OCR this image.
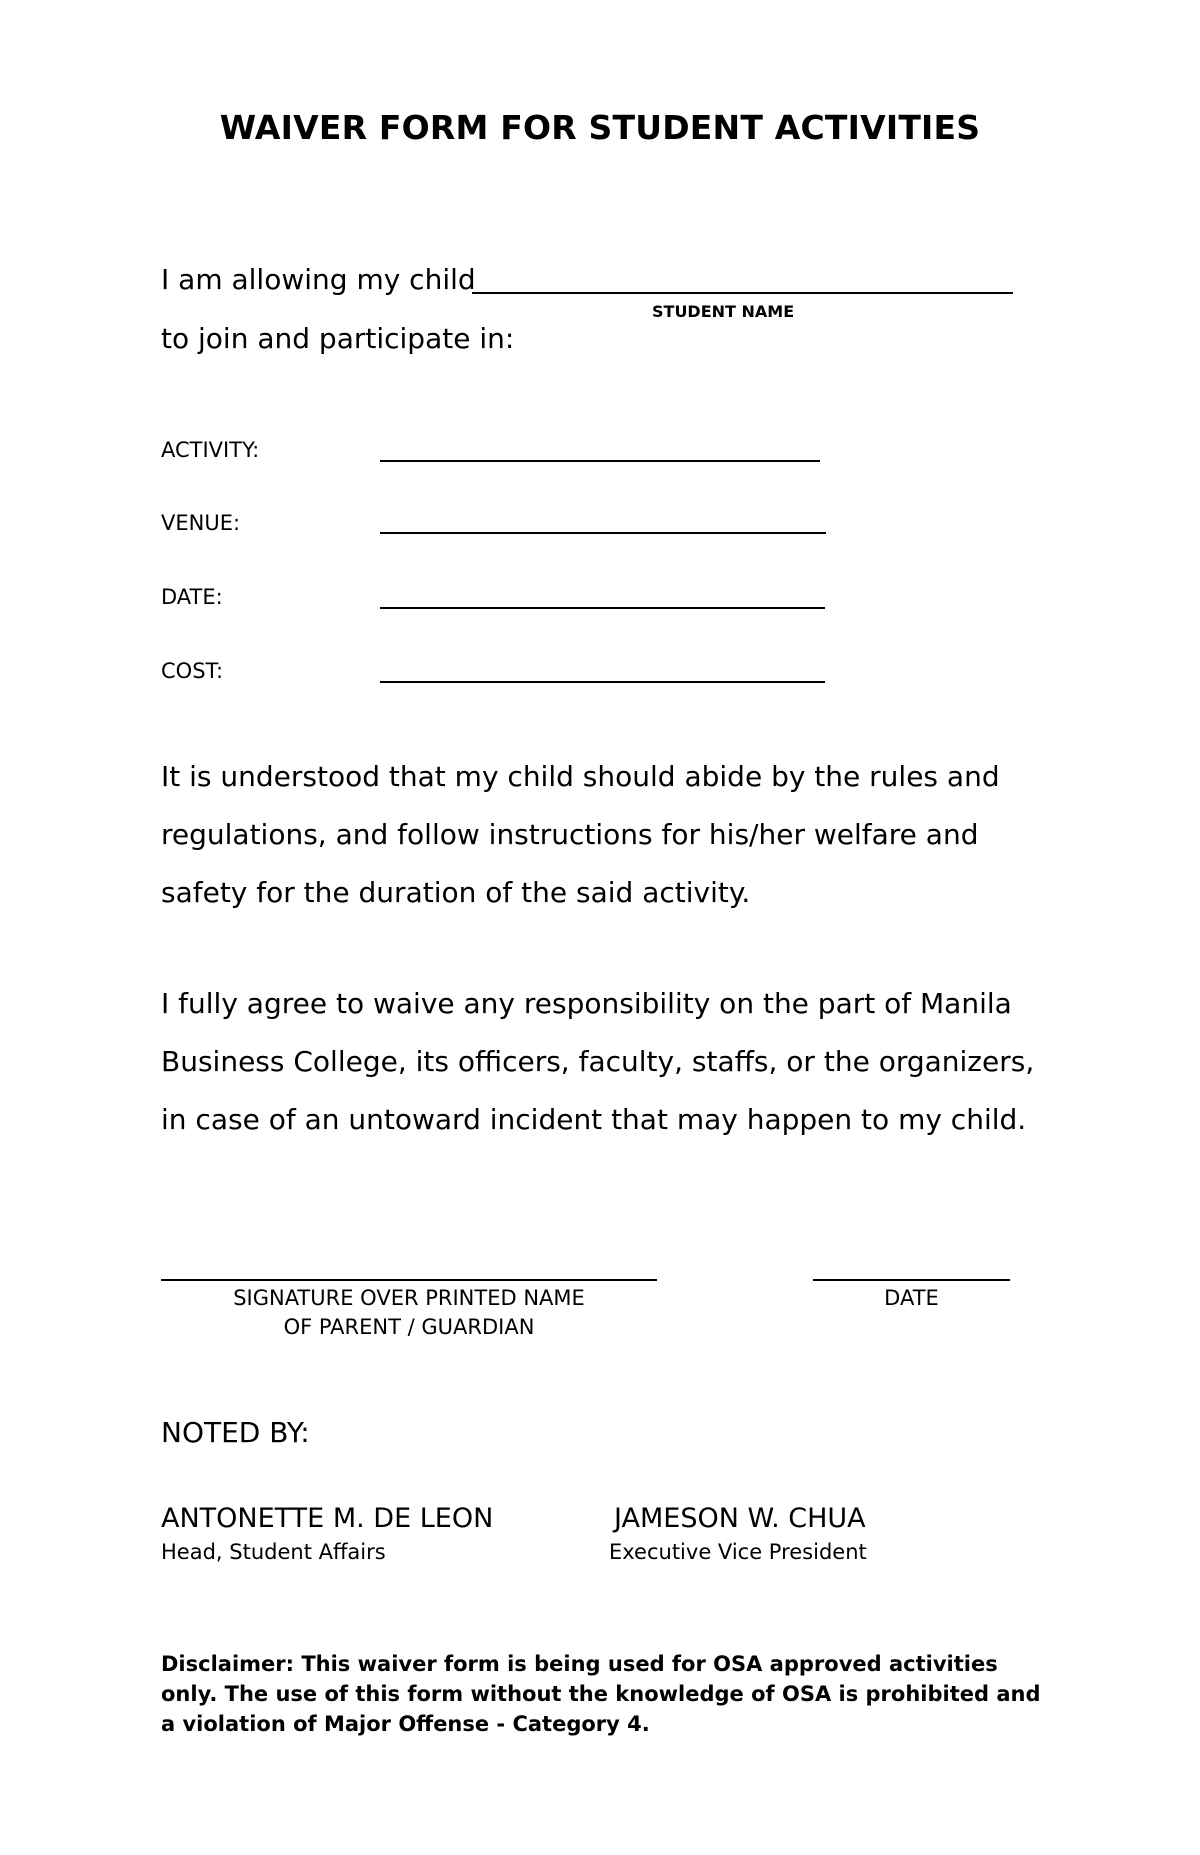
WAIVER FORM FOR STUDENT ACTIVITIES
I am allowing my child
STUDENT NAME
to join and participate in:
ACTIVITY:
VENUE:
DATE:
COST:
It is understood that my child should abide by the rules and regulations, and follow instructions for his/her welfare and safety for the duration of the said activity.
I fully agree to waive any responsibility on the part of Manila Business College, its officers, faculty, staffs, or the organizers, in case of an untoward incident that may happen to my child.
SIGNATURE OVER PRINTED NAME
OF PARENT / GUARDIAN
DATE
NOTED BY:
ANTONETTE M. DE LEON
Head, Student Affairs
JAMESON W. CHUA
Executive Vice President
Disclaimer: This waiver form is being used for OSA approved activities only. The use of this form without the knowledge of OSA is prohibited and a violation of Major Offense - Category 4.
